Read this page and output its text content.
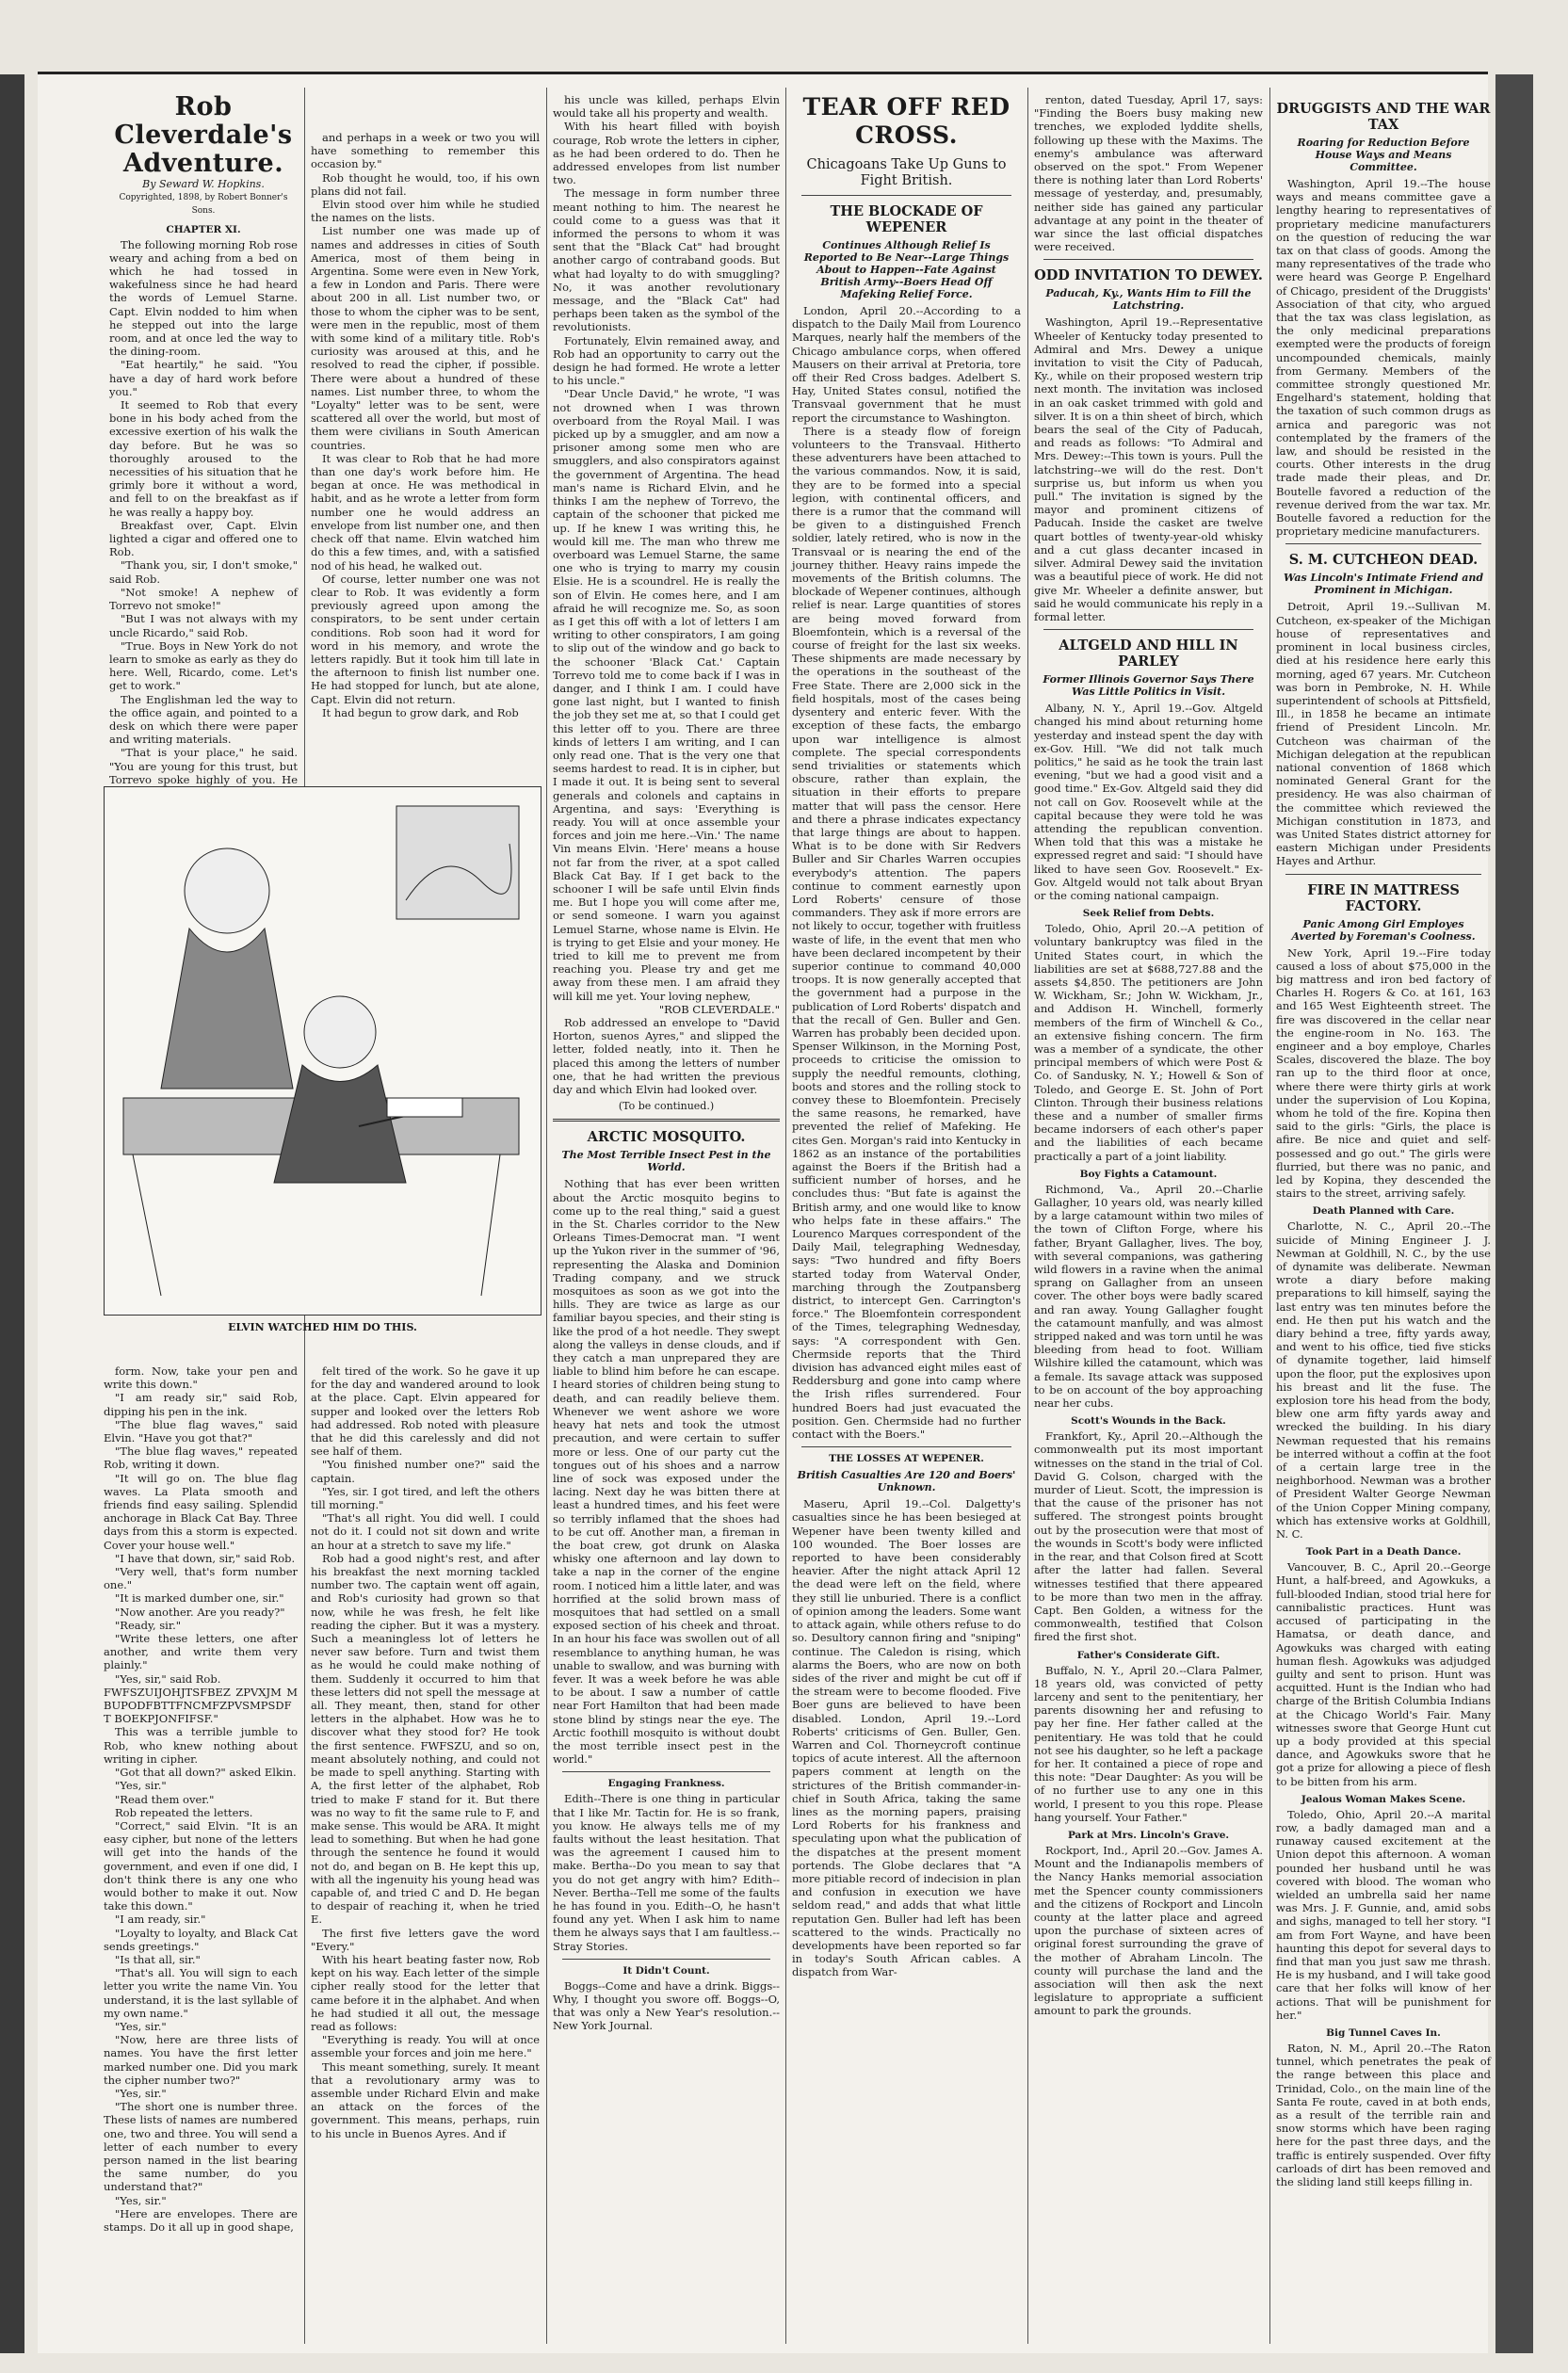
Rob Cleverdale's Adventure.
By Seward W. Hopkins.
Copyrighted, 1898, by Robert Bonner's Sons.
CHAPTER XI.

The following morning Rob rose weary and aching from a bed on which he had tossed in wakefulness since he had heard the words of Lemuel Starne. Capt. Elvin nodded to him when he stepped out into the large room, and at once led the way to the dining-room.

"Eat heartily," he said. "You have a day of hard work before you."

It seemed to Rob that every bone in his body ached from the excessive exertion of his walk the day before. But he was so thoroughly aroused to the necessities of his situation that he grimly bore it without a word, and fell to on the breakfast as if he was really a happy boy.

Breakfast over, Capt. Elvin lighted a cigar and offered one to Rob.

"Thank you, sir, I don't smoke," said Rob.

"Not smoke! A nephew of Torrevo not smoke!"

"But I was not always with my uncle Ricardo," said Rob.

"True. Boys in New York do not learn to smoke as early as they do here. Well, Ricardo, come. Let's get to work."

The Englishman led the way to the office again, and pointed to a desk on which there were paper and writing materials.

"That is your place," he said. "You are young for this trust, but Torrevo spoke highly of you. He

and perhaps in a week or two you will have something to remember this occasion by."

Rob thought he would, too, if his own plans did not fail.

Elvin stood over him while he studied the names on the lists.

List number one was made up of names and addresses in cities of South America, most of them being in Argentina. Some were even in New York, a few in London and Paris. There were about 200 in all. List number two, or those to whom the cipher was to be sent, were men in the republic, most of them with some kind of a military title. Rob's curiosity was aroused at this, and he resolved to read the cipher, if possible. There were about a hundred of these names. List number three, to whom the "Loyalty" letter was to be sent, were scattered all over the world, but most of them were civilians in South American countries.

It was clear to Rob that he had more than one day's work before him. He began at once. He was methodical in habit, and as he wrote a letter from form number one he would address an envelope from list number one, and then check off that name. Elvin watched him do this a few times, and, with a satisfied nod of his head, he walked out.

Of course, letter number one was not clear to Rob. It was evidently a form previously agreed upon among the conspirators, to be sent under certain conditions. Rob soon had it word for word in his memory, and wrote the letters rapidly. But it took him till late in the afternoon to finish list number one. He had stopped for lunch, but ate alone, Capt. Elvin did not return.

It had begun to grow dark, and Rob

ELVIN WATCHED HIM DO THIS.

form. Now, take your pen and write this down."

"I am ready sir," said Rob, dipping his pen in the ink.

"The blue flag waves," said Elvin. "Have you got that?"

"The blue flag waves," repeated Rob, writing it down.

"It will go on. The blue flag waves. La Plata smooth and friends find easy sailing. Splendid anchorage in Black Cat Bay. Three days from this a storm is expected. Cover your house well."

"I have that down, sir," said Rob.

"Very well, that's form number one."

"It is marked dumber one, sir."

"Now another. Are you ready?"

"Ready, sir."

"Write these letters, one after another, and write them very plainly."

"Yes, sir," said Rob.

FWFSZUIJOHJTSFBEZ ZPVXJM MBUPODFBTTFNCMFZPVSMPSDFT BOEKPJONFIFSF."

This was a terrible jumble to Rob, who knew nothing about writing in cipher.

"Got that all down?" asked Elkin.

"Yes, sir."

"Read them over."

Rob repeated the letters.

"Correct," said Elvin. "It is an easy cipher, but none of the letters will get into the hands of the government, and even if one did, I don't think there is any one who would bother to make it out. Now take this down."

"I am ready, sir."

"Loyalty to loyalty, and Black Cat sends greetings."

"Is that all, sir."

"That's all. You will sign to each letter you write the name Vin. You understand, it is the last syllable of my own name."

"Yes, sir."

"Now, here are three lists of names. You have the first letter marked number one. Did you mark the cipher number two?"

"Yes, sir."

"The short one is number three. These lists of names are numbered one, two and three. You will send a letter of each number to every person named in the list bearing the same number, do you understand that?"

"Yes, sir."

"Here are envelopes. There are stamps. Do it all up in good shape,

felt tired of the work. So he gave it up for the day and wandered around to look at the place. Capt. Elvin appeared for supper and looked over the letters Rob had addressed. Rob noted with pleasure that he did this carelessly and did not see half of them.

"You finished number one?" said the captain.

"Yes, sir. I got tired, and left the others till morning."

"That's all right. You did well. I could not do it. I could not sit down and write an hour at a stretch to save my life."

Rob had a good night's rest, and after his breakfast the next morning tackled number two. The captain went off again, and Rob's curiosity had grown so that now, while he was fresh, he felt like reading the cipher. But it was a mystery. Such a meaningless lot of letters he never saw before. Turn and twist them as he would he could make nothing of them. Suddenly it occurred to him that these letters did not spell the message at all. They meant, then, stand for other letters in the alphabet. How was he to discover what they stood for? He took the first sentence. FWFSZU, and so on, meant absolutely nothing, and could not be made to spell anything. Starting with A, the first letter of the alphabet, Rob tried to make F stand for it. But there was no way to fit the same rule to F, and make sense. This would be ARA. It might lead to something. But when he had gone through the sentence he found it would not do, and began on B. He kept this up, with all the ingenuity his young head was capable of, and tried C and D. He began to despair of reaching it, when he tried E.

The first five letters gave the word "Every."

With his heart beating faster now, Rob kept on his way. Each letter of the simple cipher really stood for the letter that came before it in the alphabet. And when he had studied it all out, the message read as follows:

"Everything is ready. You will at once assemble your forces and join me here."

This meant something, surely. It meant that a revolutionary army was to assemble under Richard Elvin and make an attack on the forces of the government. This means, perhaps, ruin to his uncle in Buenos Ayres. And if

his uncle was killed, perhaps Elvin would take all his property and wealth.

With his heart filled with boyish courage, Rob wrote the letters in cipher, as he had been ordered to do. Then he addressed envelopes from list number two.

The message in form number three meant nothing to him. The nearest he could come to a guess was that it informed the persons to whom it was sent that the "Black Cat" had brought another cargo of contraband goods. But what had loyalty to do with smuggling? No, it was another revolutionary message, and the "Black Cat" had perhaps been taken as the symbol of the revolutionists.

Fortunately, Elvin remained away, and Rob had an opportunity to carry out the design he had formed. He wrote a letter to his uncle."

"Dear Uncle David," he wrote, "I was not drowned when I was thrown overboard from the Royal Mail. I was picked up by a smuggler, and am now a prisoner among some men who are smugglers, and also conspirators against the government of Argentina. The head man's name is Richard Elvin, and he thinks I am the nephew of Torrevo, the captain of the schooner that picked me up. If he knew I was writing this, he would kill me. The man who threw me overboard was Lemuel Starne, the same one who is trying to marry my cousin Elsie. He is a scoundrel. He is really the son of Elvin. He comes here, and I am afraid he will recognize me. So, as soon as I get this off with a lot of letters I am writing to other conspirators, I am going to slip out of the window and go back to the schooner 'Black Cat.' Captain Torrevo told me to come back if I was in danger, and I think I am. I could have gone last night, but I wanted to finish the job they set me at, so that I could get this letter off to you. There are three kinds of letters I am writing, and I can only read one. That is the very one that seems hardest to read. It is in cipher, but I made it out. It is being sent to several generals and colonels and captains in Argentina, and says: 'Everything is ready. You will at once assemble your forces and join me here.--Vin.' The name Vin means Elvin. 'Here' means a house not far from the river, at a spot called Black Cat Bay. If I get back to the schooner I will be safe until Elvin finds me. But I hope you will come after me, or send someone. I warn you against Lemuel Starne, whose name is Elvin. He is trying to get Elsie and your money. He tried to kill me to prevent me from reaching you. Please try and get me away from these men. I am afraid they will kill me yet. Your loving nephew,

"ROB CLEVERDALE."

Rob addressed an envelope to "David Horton, suenos Ayres," and slipped the letter, folded neatly, into it. Then he placed this among the letters of number one, that he had written the previous day and which Elvin had looked over.

(To be continued.)
ARCTIC MOSQUITO.
The Most Terrible Insect Pest in the World.

Nothing that has ever been written about the Arctic mosquito begins to come up to the real thing," said a guest in the St. Charles corridor to the New Orleans Times-Democrat man. "I went up the Yukon river in the summer of '96, representing the Alaska and Dominion Trading company, and we struck mosquitoes as soon as we got into the hills. They are twice as large as our familiar bayou species, and their sting is like the prod of a hot needle. They swept along the valleys in dense clouds, and if they catch a man unprepared they are liable to blind him before he can escape. I heard stories of children being stung to death, and can readily believe them. Whenever we went ashore we wore heavy hat nets and took the utmost precaution, and were certain to suffer more or less. One of our party cut the tongues out of his shoes and a narrow line of sock was exposed under the lacing. Next day he was bitten there at least a hundred times, and his feet were so terribly inflamed that the shoes had to be cut off. Another man, a fireman in the boat crew, got drunk on Alaska whisky one afternoon and lay down to take a nap in the corner of the engine room. I noticed him a little later, and was horrified at the solid brown mass of mosquitoes that had settled on a small exposed section of his cheek and throat. In an hour his face was swollen out of all resemblance to anything human, he was unable to swallow, and was burning with fever. It was a week before he was able to be about. I saw a number of cattle near Fort Hamilton that had been made stone blind by stings near the eye. The Arctic foothill mosquito is without doubt the most terrible insect pest in the world."

Engaging Frankness.

Edith--There is one thing in particular that I like Mr. Tactin for. He is so frank, you know. He always tells me of my faults without the least hesitation. That was the agreement I caused him to make. Bertha--Do you mean to say that you do not get angry with him? Edith--Never. Bertha--Tell me some of the faults he has found in you. Edith--O, he hasn't found any yet. When I ask him to name them he always says that I am faultless.--Stray Stories.

It Didn't Count.

Boggs--Come and have a drink. Biggs--Why, I thought you swore off. Boggs--O, that was only a New Year's resolution.--New York Journal.

TEAR OFF RED CROSS.
Chicagoans Take Up Guns to Fight British.
THE BLOCKADE OF WEPENER
Continues Although Relief Is Reported to Be Near--Large Things About to Happen--Fate Against British Army--Boers Head Off Mafeking Relief Force.

London, April 20.--According to a dispatch to the Daily Mail from Lourenco Marques, nearly half the members of the Chicago ambulance corps, when offered Mausers on their arrival at Pretoria, tore off their Red Cross badges. Adelbert S. Hay, United States consul, notified the Transvaal government that he must report the circumstance to Washington.

There is a steady flow of foreign volunteers to the Transvaal. Hitherto these adventurers have been attached to the various commandos. Now, it is said, they are to be formed into a special legion, with continental officers, and there is a rumor that the command will be given to a distinguished French soldier, lately retired, who is now in the Transvaal or is nearing the end of the journey thither. Heavy rains impede the movements of the British columns. The blockade of Wepener continues, although relief is near. Large quantities of stores are being moved forward from Bloemfontein, which is a reversal of the course of freight for the last six weeks. These shipments are made necessary by the operations in the southeast of the Free State. There are 2,000 sick in the field hospitals, most of the cases being dysentery and enteric fever. With the exception of these facts, the embargo upon war intelligence is almost complete. The special correspondents send trivialities or statements which obscure, rather than explain, the situation in their efforts to prepare matter that will pass the censor. Here and there a phrase indicates expectancy that large things are about to happen. What is to be done with Sir Redvers Buller and Sir Charles Warren occupies everybody's attention. The papers continue to comment earnestly upon Lord Roberts' censure of those commanders. They ask if more errors are not likely to occur, together with fruitless waste of life, in the event that men who have been declared incompetent by their superior continue to command 40,000 troops. It is now generally accepted that the government had a purpose in the publication of Lord Roberts' dispatch and that the recall of Gen. Buller and Gen. Warren has probably been decided upon. Spenser Wilkinson, in the Morning Post, proceeds to criticise the omission to supply the needful remounts, clothing, boots and stores and the rolling stock to convey these to Bloemfontein. Precisely the same reasons, he remarked, have prevented the relief of Mafeking. He cites Gen. Morgan's raid into Kentucky in 1862 as an instance of the portabilities against the Boers if the British had a sufficient number of horses, and he concludes thus: "But fate is against the British army, and one would like to know who helps fate in these affairs." The Lourenco Marques correspondent of the Daily Mail, telegraphing Wednesday, says: "Two hundred and fifty Boers started today from Waterval Onder, marching through the Zoutpansberg district, to intercept Gen. Carrington's force." The Bloemfontein correspondent of the Times, telegraphing Wednesday, says: "A correspondent with Gen. Chermside reports that the Third division has advanced eight miles east of Reddersburg and gone into camp where the Irish rifles surrendered. Four hundred Boers had just evacuated the position. Gen. Chermside had no further contact with the Boers."

THE LOSSES AT WEPENER.
British Casualties Are 120 and Boers' Unknown.

Maseru, April 19.--Col. Dalgetty's casualties since he has been besieged at Wepener have been twenty killed and 100 wounded. The Boer losses are reported to have been considerably heavier. After the night attack April 12 the dead were left on the field, where they still lie unburied. There is a conflict of opinion among the leaders. Some want to attack again, while others refuse to do so. Desultory cannon firing and "sniping" continue. The Caledon is rising, which alarms the Boers, who are now on both sides of the river and might be cut off if the stream were to become flooded. Five Boer guns are believed to have been disabled. London, April 19.--Lord Roberts' criticisms of Gen. Buller, Gen. Warren and Col. Thorneycroft continue topics of acute interest. All the afternoon papers comment at length on the strictures of the British commander-in-chief in South Africa, taking the same lines as the morning papers, praising Lord Roberts for his frankness and speculating upon what the publication of the dispatches at the present moment portends. The Globe declares that "A more pitiable record of indecision in plan and confusion in execution we have seldom read," and adds that what little reputation Gen. Buller had left has been scattered to the winds. Practically no developments have been reported so far in today's South African cables. A dispatch from War-

renton, dated Tuesday, April 17, says: "Finding the Boers busy making new trenches, we exploded lyddite shells, following up these with the Maxims. The enemy's ambulance was afterward observed on the spot." From Wepener there is nothing later than Lord Roberts' message of yesterday, and, presumably, neither side has gained any particular advantage at any point in the theater of war since the last official dispatches were received.

ODD INVITATION TO DEWEY.
Paducah, Ky., Wants Him to Fill the Latchstring.

Washington, April 19.--Representative Wheeler of Kentucky today presented to Admiral and Mrs. Dewey a unique invitation to visit the City of Paducah, Ky., while on their proposed western trip next month. The invitation was inclosed in an oak casket trimmed with gold and silver. It is on a thin sheet of birch, which bears the seal of the City of Paducah, and reads as follows: "To Admiral and Mrs. Dewey:--This town is yours. Pull the latchstring--we will do the rest. Don't surprise us, but inform us when you pull." The invitation is signed by the mayor and prominent citizens of Paducah. Inside the casket are twelve quart bottles of twenty-year-old whisky and a cut glass decanter incased in silver. Admiral Dewey said the invitation was a beautiful piece of work. He did not give Mr. Wheeler a definite answer, but said he would communicate his reply in a formal letter.

ALTGELD AND HILL IN PARLEY
Former Illinois Governor Says There Was Little Politics in Visit.

Albany, N. Y., April 19.--Gov. Altgeld changed his mind about returning home yesterday and instead spent the day with ex-Gov. Hill. "We did not talk much politics," he said as he took the train last evening, "but we had a good visit and a good time." Ex-Gov. Altgeld said they did not call on Gov. Roosevelt while at the capital because they were told he was attending the republican convention. When told that this was a mistake he expressed regret and said: "I should have liked to have seen Gov. Roosevelt." Ex-Gov. Altgeld would not talk about Bryan or the coming national campaign.

Seek Relief from Debts.

Toledo, Ohio, April 20.--A petition of voluntary bankruptcy was filed in the United States court, in which the liabilities are set at $688,727.88 and the assets $4,850. The petitioners are John W. Wickham, Sr.; John W. Wickham, Jr., and Addison H. Winchell, formerly members of the firm of Winchell & Co., an extensive fishing concern. The firm was a member of a syndicate, the other principal members of which were Post & Co. of Sandusky, N. Y.; Howell & Son of Toledo, and George E. St. John of Port Clinton. Through their business relations these and a number of smaller firms became indorsers of each other's paper and the liabilities of each became practically a part of a joint liability.

Boy Fights a Catamount.

Richmond, Va., April 20.--Charlie Gallagher, 10 years old, was nearly killed by a large catamount within two miles of the town of Clifton Forge, where his father, Bryant Gallagher, lives. The boy, with several companions, was gathering wild flowers in a ravine when the animal sprang on Gallagher from an unseen cover. The other boys were badly scared and ran away. Young Gallagher fought the catamount manfully, and was almost stripped naked and was torn until he was bleeding from head to foot. William Wilshire killed the catamount, which was a female. Its savage attack was supposed to be on account of the boy approaching near her cubs.

Scott's Wounds in the Back.

Frankfort, Ky., April 20.--Although the commonwealth put its most important witnesses on the stand in the trial of Col. David G. Colson, charged with the murder of Lieut. Scott, the impression is that the cause of the prisoner has not suffered. The strongest points brought out by the prosecution were that most of the wounds in Scott's body were inflicted in the rear, and that Colson fired at Scott after the latter had fallen. Several witnesses testified that there appeared to be more than two men in the affray. Capt. Ben Golden, a witness for the commonwealth, testified that Colson fired the first shot.

Father's Considerate Gift.

Buffalo, N. Y., April 20.--Clara Palmer, 18 years old, was convicted of petty larceny and sent to the penitentiary, her parents disowning her and refusing to pay her fine. Her father called at the penitentiary. He was told that he could not see his daughter, so he left a package for her. It contained a piece of rope and this note: "Dear Daughter: As you will be of no further use to any one in this world, I present to you this rope. Please hang yourself. Your Father."

Park at Mrs. Lincoln's Grave.

Rockport, Ind., April 20.--Gov. James A. Mount and the Indianapolis members of the Nancy Hanks memorial association met the Spencer county commissioners and the citizens of Rockport and Lincoln county at the latter place and agreed upon the purchase of sixteen acres of original forest surrounding the grave of the mother of Abraham Lincoln. The county will purchase the land and the association will then ask the next legislature to appropriate a sufficient amount to park the grounds.

DRUGGISTS AND THE WAR TAX
Roaring for Reduction Before House Ways and Means Committee.

Washington, April 19.--The house ways and means committee gave a lengthy hearing to representatives of proprietary medicine manufacturers on the question of reducing the war tax on that class of goods. Among the many representatives of the trade who were heard was George P. Engelhard of Chicago, president of the Druggists' Association of that city, who argued that the tax was class legislation, as the only medicinal preparations exempted were the products of foreign uncompounded chemicals, mainly from Germany. Members of the committee strongly questioned Mr. Engelhard's statement, holding that the taxation of such common drugs as arnica and paregoric was not contemplated by the framers of the law, and should be resisted in the courts. Other interests in the drug trade made their pleas, and Dr. Boutelle favored a reduction of the revenue derived from the war tax. Mr. Boutelle favored a reduction for the proprietary medicine manufacturers.

S. M. CUTCHEON DEAD.
Was Lincoln's Intimate Friend and Prominent in Michigan.

Detroit, April 19.--Sullivan M. Cutcheon, ex-speaker of the Michigan house of representatives and prominent in local business circles, died at his residence here early this morning, aged 67 years. Mr. Cutcheon was born in Pembroke, N. H. While superintendent of schools at Pittsfield, Ill., in 1858 he became an intimate friend of President Lincoln. Mr. Cutcheon was chairman of the Michigan delegation at the republican national convention of 1868 which nominated General Grant for the presidency. He was also chairman of the committee which reviewed the Michigan constitution in 1873, and was United States district attorney for eastern Michigan under Presidents Hayes and Arthur.

FIRE IN MATTRESS FACTORY.
Panic Among Girl Employes Averted by Foreman's Coolness.

New York, April 19.--Fire today caused a loss of about $75,000 in the big mattress and iron bed factory of Charles H. Rogers & Co. at 161, 163 and 165 West Eighteenth street. The fire was discovered in the cellar near the engine-room in No. 163. The engineer and a boy employe, Charles Scales, discovered the blaze. The boy ran up to the third floor at once, where there were thirty girls at work under the supervision of Lou Kopina, whom he told of the fire. Kopina then said to the girls: "Girls, the place is afire. Be nice and quiet and self-possessed and go out." The girls were flurried, but there was no panic, and led by Kopina, they descended the stairs to the street, arriving safely.

Death Planned with Care.

Charlotte, N. C., April 20.--The suicide of Mining Engineer J. J. Newman at Goldhill, N. C., by the use of dynamite was deliberate. Newman wrote a diary before making preparations to kill himself, saying the last entry was ten minutes before the end. He then put his watch and the diary behind a tree, fifty yards away, and went to his office, tied five sticks of dynamite together, laid himself upon the floor, put the explosives upon his breast and lit the fuse. The explosion tore his head from the body, blew one arm fifty yards away and wrecked the building. In his diary Newman requested that his remains be interred without a coffin at the foot of a certain large tree in the neighborhood. Newman was a brother of President Walter George Newman of the Union Copper Mining company, which has extensive works at Goldhill, N. C.

Took Part in a Death Dance.

Vancouver, B. C., April 20.--George Hunt, a half-breed, and Agowkuks, a full-blooded Indian, stood trial here for cannibalistic practices. Hunt was accused of participating in the Hamatsa, or death dance, and Agowkuks was charged with eating human flesh. Agowkuks was adjudged guilty and sent to prison. Hunt was acquitted. Hunt is the Indian who had charge of the British Columbia Indians at the Chicago World's Fair. Many witnesses swore that George Hunt cut up a body provided at this special dance, and Agowkuks swore that he got a prize for allowing a piece of flesh to be bitten from his arm.

Jealous Woman Makes Scene.

Toledo, Ohio, April 20.--A marital row, a badly damaged man and a runaway caused excitement at the Union depot this afternoon. A woman pounded her husband until he was covered with blood. The woman who wielded an umbrella said her name was Mrs. J. F. Gunnie, and, amid sobs and sighs, managed to tell her story. "I am from Fort Wayne, and have been haunting this depot for several days to find that man you just saw me thrash. He is my husband, and I will take good care that her folks will know of her actions. That will be punishment for her."

Big Tunnel Caves In.

Raton, N. M., April 20.--The Raton tunnel, which penetrates the peak of the range between this place and Trinidad, Colo., on the main line of the Santa Fe route, caved in at both ends, as a result of the terrible rain and snow storms which have been raging here for the past three days, and the traffic is entirely suspended. Over fifty carloads of dirt has been removed and the sliding land still keeps filling in.
